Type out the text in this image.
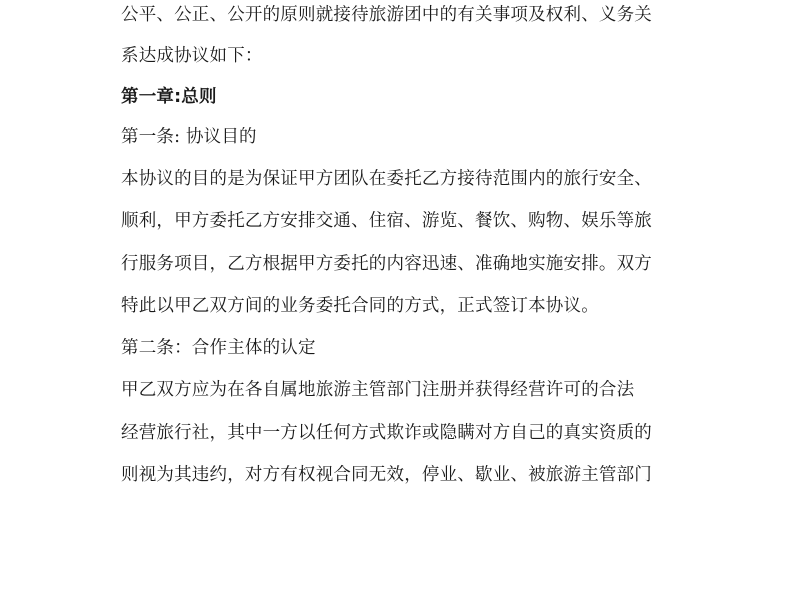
公平、公正、公开的原则就接待旅游团中的有关事项及权利、义务关
系达成协议如下：
第一章:总则
第一条: 协议目的
本协议的目的是为保证甲方团队在委托乙方接待范围内的旅行安全、
顺利，甲方委托乙方安排交通、住宿、游览、餐饮、购物、娱乐等旅
行服务项目，乙方根据甲方委托的内容迅速、准确地实施安排。双方
特此以甲乙双方间的业务委托合同的方式，正式签订本协议。
第二条：合作主体的认定
甲乙双方应为在各自属地旅游主管部门注册并获得经营许可的合法
经营旅行社，其中一方以任何方式欺诈或隐瞒对方自己的真实资质的
则视为其违约，对方有权视合同无效，停业、歇业、被旅游主管部门
